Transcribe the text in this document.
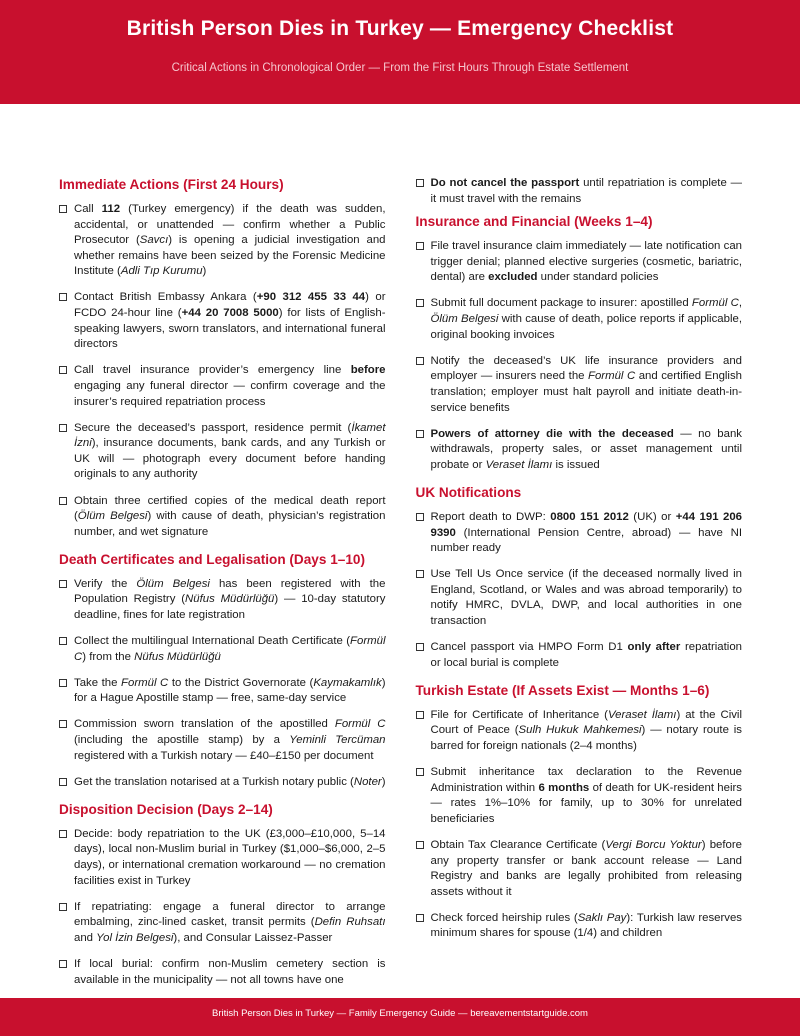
British Person Dies in Turkey — Emergency Checklist
Critical Actions in Chronological Order — From the First Hours Through Estate Settlement
Immediate Actions (First 24 Hours)
Call 112 (Turkey emergency) if the death was sudden, accidental, or unattended — confirm whether a Public Prosecutor (Savcı) is opening a judicial investigation and whether remains have been seized by the Forensic Medicine Institute (Adli Tıp Kurumu)
Contact British Embassy Ankara (+90 312 455 33 44) or FCDO 24-hour line (+44 20 7008 5000) for lists of English-speaking lawyers, sworn translators, and international funeral directors
Call travel insurance provider’s emergency line before engaging any funeral director — confirm coverage and the insurer’s required repatriation process
Secure the deceased’s passport, residence permit (İkamet İzni), insurance documents, bank cards, and any Turkish or UK will — photograph every document before handing originals to any authority
Obtain three certified copies of the medical death report (Ölüm Belgesi) with cause of death, physician’s registration number, and wet signature
Death Certificates and Legalisation (Days 1–10)
Verify the Ölüm Belgesi has been registered with the Population Registry (Nüfus Müdürlüğü) — 10-day statutory deadline, fines for late registration
Collect the multilingual International Death Certificate (Formül C) from the Nüfus Müdürlüğü
Take the Formül C to the District Governorate (Kaymakamlık) for a Hague Apostille stamp — free, same-day service
Commission sworn translation of the apostilled Formül C (including the apostille stamp) by a Yeminli Tercüman registered with a Turkish notary — £40–£150 per document
Get the translation notarised at a Turkish notary public (Noter)
Disposition Decision (Days 2–14)
Decide: body repatriation to the UK (£3,000–£10,000, 5–14 days), local non-Muslim burial in Turkey ($1,000–$6,000, 2–5 days), or international cremation workaround — no cremation facilities exist in Turkey
If repatriating: engage a funeral director to arrange embalming, zinc-lined casket, transit permits (Defin Ruhsatı and Yol İzin Belgesi), and Consular Laissez-Passer
If local burial: confirm non-Muslim cemetery section is available in the municipality — not all towns have one
Do not cancel the passport until repatriation is complete — it must travel with the remains
Insurance and Financial (Weeks 1–4)
File travel insurance claim immediately — late notification can trigger denial; planned elective surgeries (cosmetic, bariatric, dental) are excluded under standard policies
Submit full document package to insurer: apostilled Formül C, Ölüm Belgesi with cause of death, police reports if applicable, original booking invoices
Notify the deceased’s UK life insurance providers and employer — insurers need the Formül C and certified English translation; employer must halt payroll and initiate death-in-service benefits
Powers of attorney die with the deceased — no bank withdrawals, property sales, or asset management until probate or Veraset İlamı is issued
UK Notifications
Report death to DWP: 0800 151 2012 (UK) or +44 191 206 9390 (International Pension Centre, abroad) — have NI number ready
Use Tell Us Once service (if the deceased normally lived in England, Scotland, or Wales and was abroad temporarily) to notify HMRC, DVLA, DWP, and local authorities in one transaction
Cancel passport via HMPO Form D1 only after repatriation or local burial is complete
Turkish Estate (If Assets Exist — Months 1–6)
File for Certificate of Inheritance (Veraset İlamı) at the Civil Court of Peace (Sulh Hukuk Mahkemesi) — notary route is barred for foreign nationals (2–4 months)
Submit inheritance tax declaration to the Revenue Administration within 6 months of death for UK-resident heirs — rates 1%–10% for family, up to 30% for unrelated beneficiaries
Obtain Tax Clearance Certificate (Vergi Borcu Yoktur) before any property transfer or bank account release — Land Registry and banks are legally prohibited from releasing assets without it
Check forced heirship rules (Saklı Pay): Turkish law reserves minimum shares for spouse (1/4) and children
British Person Dies in Turkey — Family Emergency Guide — bereavementstartguide.com
